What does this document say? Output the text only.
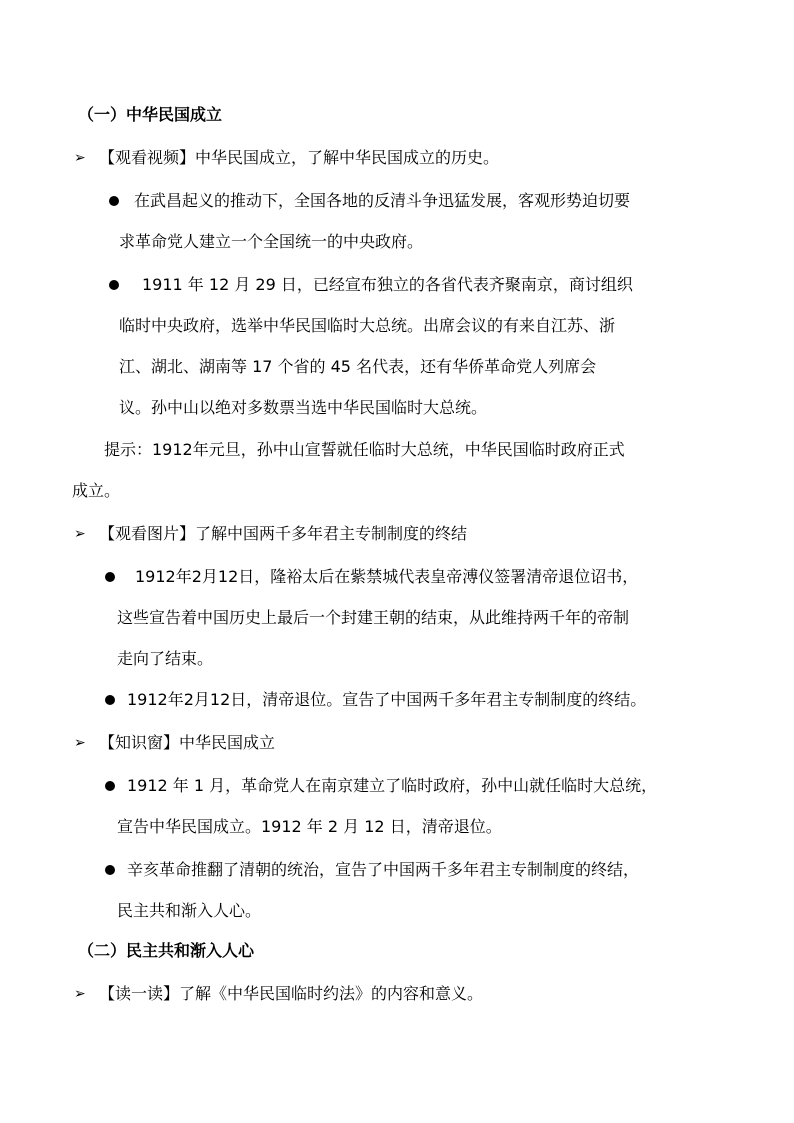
（一）中华民国成立
➢ 【观看视频】中华民国成立，了解中华民国成立的历史。
在武昌起义的推动下，全国各地的反清斗争迅猛发展，客观形势迫切要
求革命党人建立一个全国统一的中央政府。
1911 年 12 月 29 日，已经宣布独立的各省代表齐聚南京，商讨组织
临时中央政府，选举中华民国临时大总统。出席会议的有来自江苏、浙
江、湖北、湖南等 17 个省的 45 名代表，还有华侨革命党人列席会
议。孙中山以绝对多数票当选中华民国临时大总统。
提示：1912年元旦，孙中山宣誓就任临时大总统，中华民国临时政府正式
成立。
➢ 【观看图片】了解中国两千多年君主专制制度的终结
1912年2月12日，隆裕太后在紫禁城代表皇帝溥仪签署清帝退位诏书，
这些宣告着中国历史上最后一个封建王朝的结束，从此维持两千年的帝制
走向了结束。
1912年2月12日，清帝退位。宣告了中国两千多年君主专制制度的终结。
➢ 【知识窗】中华民国成立
1912 年 1 月，革命党人在南京建立了临时政府，孙中山就任临时大总统，
宣告中华民国成立。1912 年 2 月 12 日，清帝退位。
辛亥革命推翻了清朝的统治，宣告了中国两千多年君主专制制度的终结，
民主共和渐入人心。
（二）民主共和渐入人心
➢ 【读一读】了解《中华民国临时约法》的内容和意义。
